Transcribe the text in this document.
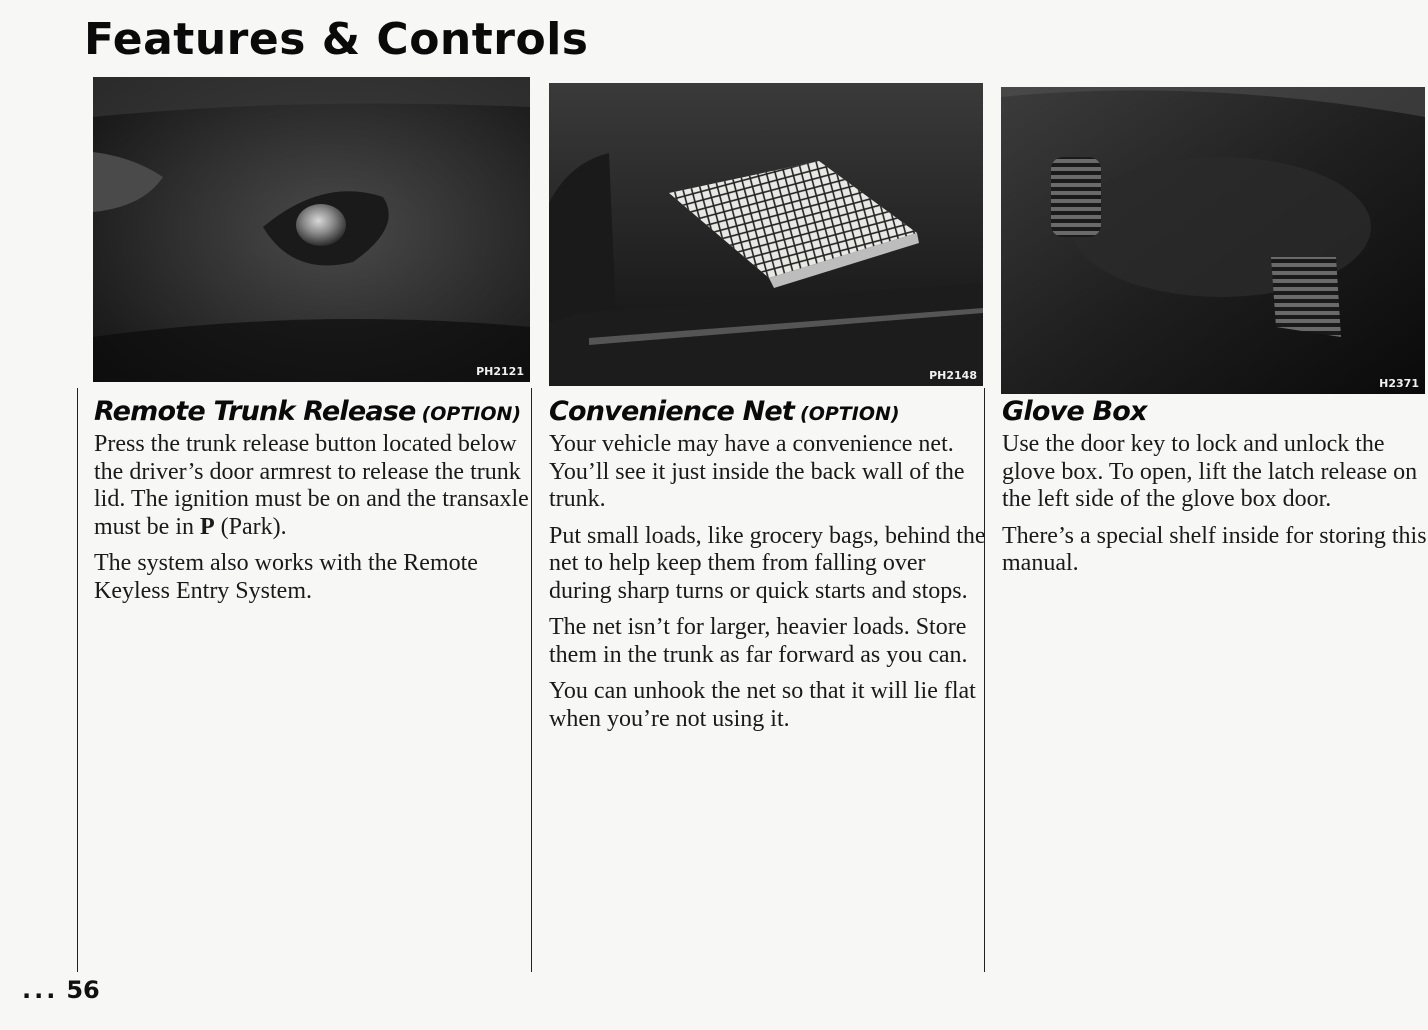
Features & Controls
PH2121	PH2148
H2371
Remote Trunk Release (OPTION)

Press the trunk release button located below the driver’s door armrest to release the trunk lid. The ignition must be on and the transaxle must be in P (Park).

The system also works with the Remote Keyless Entry System.

Convenience Net (OPTION)

Your vehicle may have a convenience net. You’ll see it just inside the back wall of the trunk.

Put small loads, like grocery bags, behind the net to help keep them from falling over during sharp turns or quick starts and stops.

The net isn’t for larger, heavier loads. Store them in the trunk as far forward as you can.

You can unhook the net so that it will lie flat when you’re not using it.

Glove Box

Use the door key to lock and unlock the glove box. To open, lift the latch release on the left side of the glove box door.

There’s a special shelf inside for storing this manual.

... 56
